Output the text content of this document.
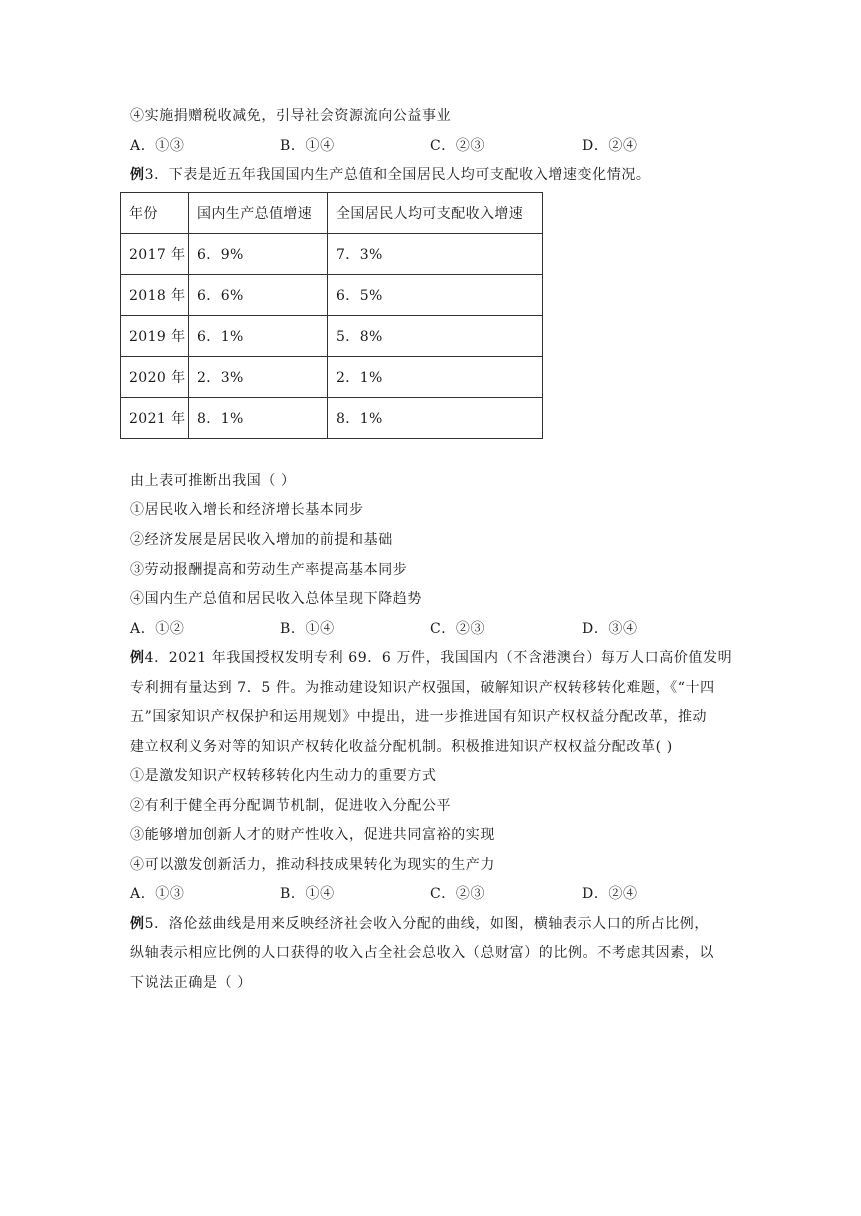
④实施捐赠税收减免，引导社会资源流向公益事业
A．①③	B．①④	C．②③	D．②④
例3．下表是近五年我国国内生产总值和全国居民人均可支配收入增速变化情况。
年份	国内生产总值增速	全国居民人均可支配收入增速
2017 年	6．9%	7．3%
2018 年	6．6%	6．5%
2019 年	6．1%	5．8%
2020 年	2．3%	2．1%
2021 年	8．1%	8．1%
由上表可推断出我国（ ）
①居民收入增长和经济增长基本同步
②经济发展是居民收入增加的前提和基础
③劳动报酬提高和劳动生产率提高基本同步
④国内生产总值和居民收入总体呈现下降趋势
A．①②	B．①④	C．②③	D．③④
例4．2021 年我国授权发明专利 69．6 万件，我国国内（不含港澳台）每万人口高价值发明
专利拥有量达到 7．5 件。为推动建设知识产权强国，破解知识产权转移转化难题，《“十四
五”国家知识产权保护和运用规划》中提出，进一步推进国有知识产权权益分配改革，推动
建立权利义务对等的知识产权转化收益分配机制。积极推进知识产权权益分配改革( )
①是激发知识产权转移转化内生动力的重要方式
②有利于健全再分配调节机制，促进收入分配公平
③能够增加创新人才的财产性收入，促进共同富裕的实现
④可以激发创新活力，推动科技成果转化为现实的生产力
A．①③	B．①④	C．②③	D．②④
例5．洛伦兹曲线是用来反映经济社会收入分配的曲线，如图，横轴表示人口的所占比例，
纵轴表示相应比例的人口获得的收入占全社会总收入（总财富）的比例。不考虑其因素，以
下说法正确是（ ）
